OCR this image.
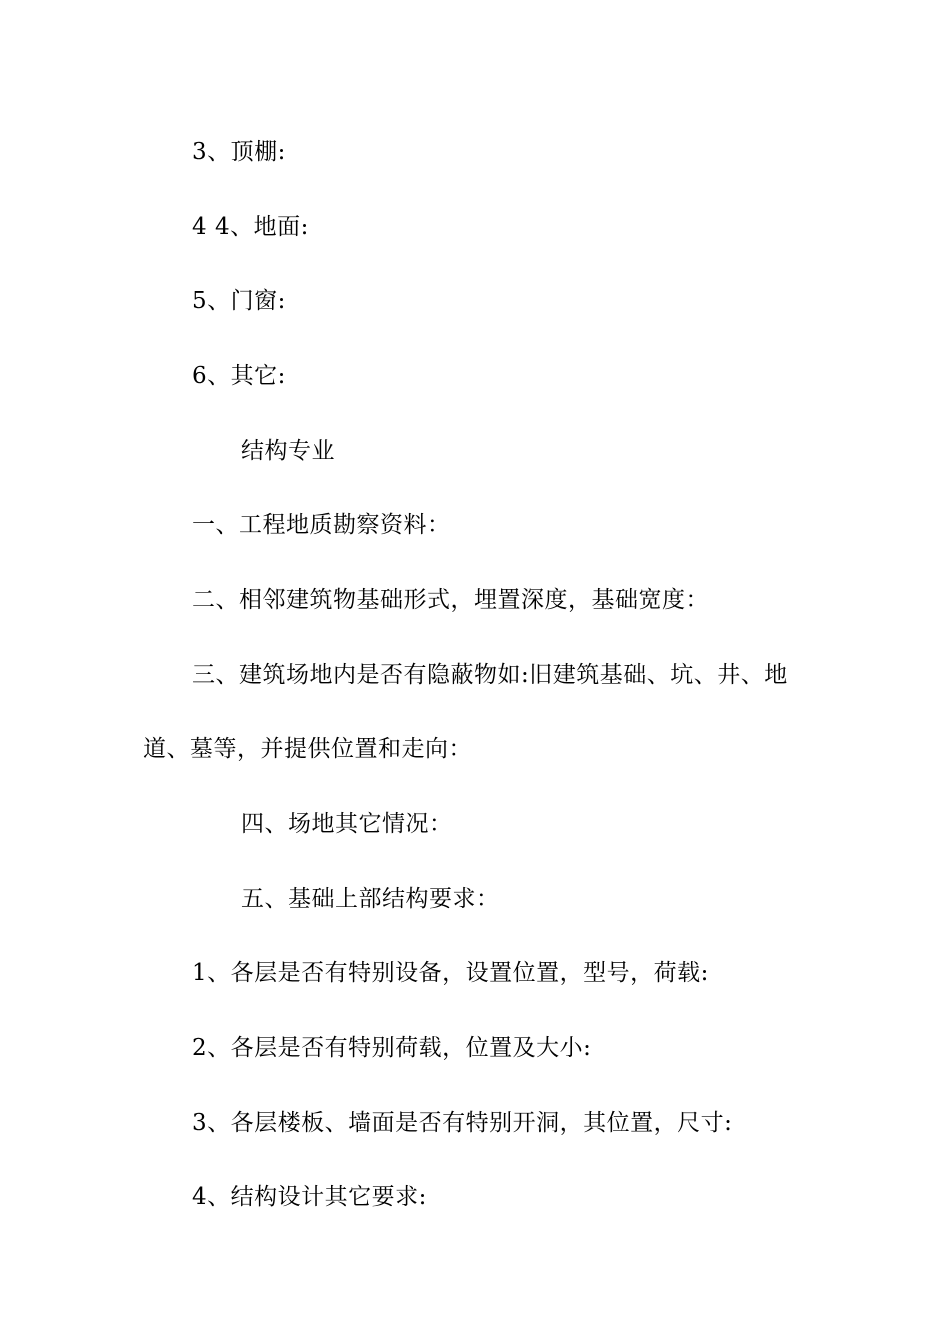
3、顶棚:
4 4、地面:
5、门窗:
6、其它:
结构专业
一、工程地质勘察资料：
二、相邻建筑物基础形式，埋置深度，基础宽度：
三、建筑场地内是否有隐蔽物如:旧建筑基础、坑、井、地
道、墓等，并提供位置和走向：
四、场地其它情况：
五、基础上部结构要求：
1、各层是否有特别设备，设置位置，型号，荷载:
2、各层是否有特别荷载，位置及大小:
3、各层楼板、墙面是否有特别开洞，其位置，尺寸:
4、结构设计其它要求:
